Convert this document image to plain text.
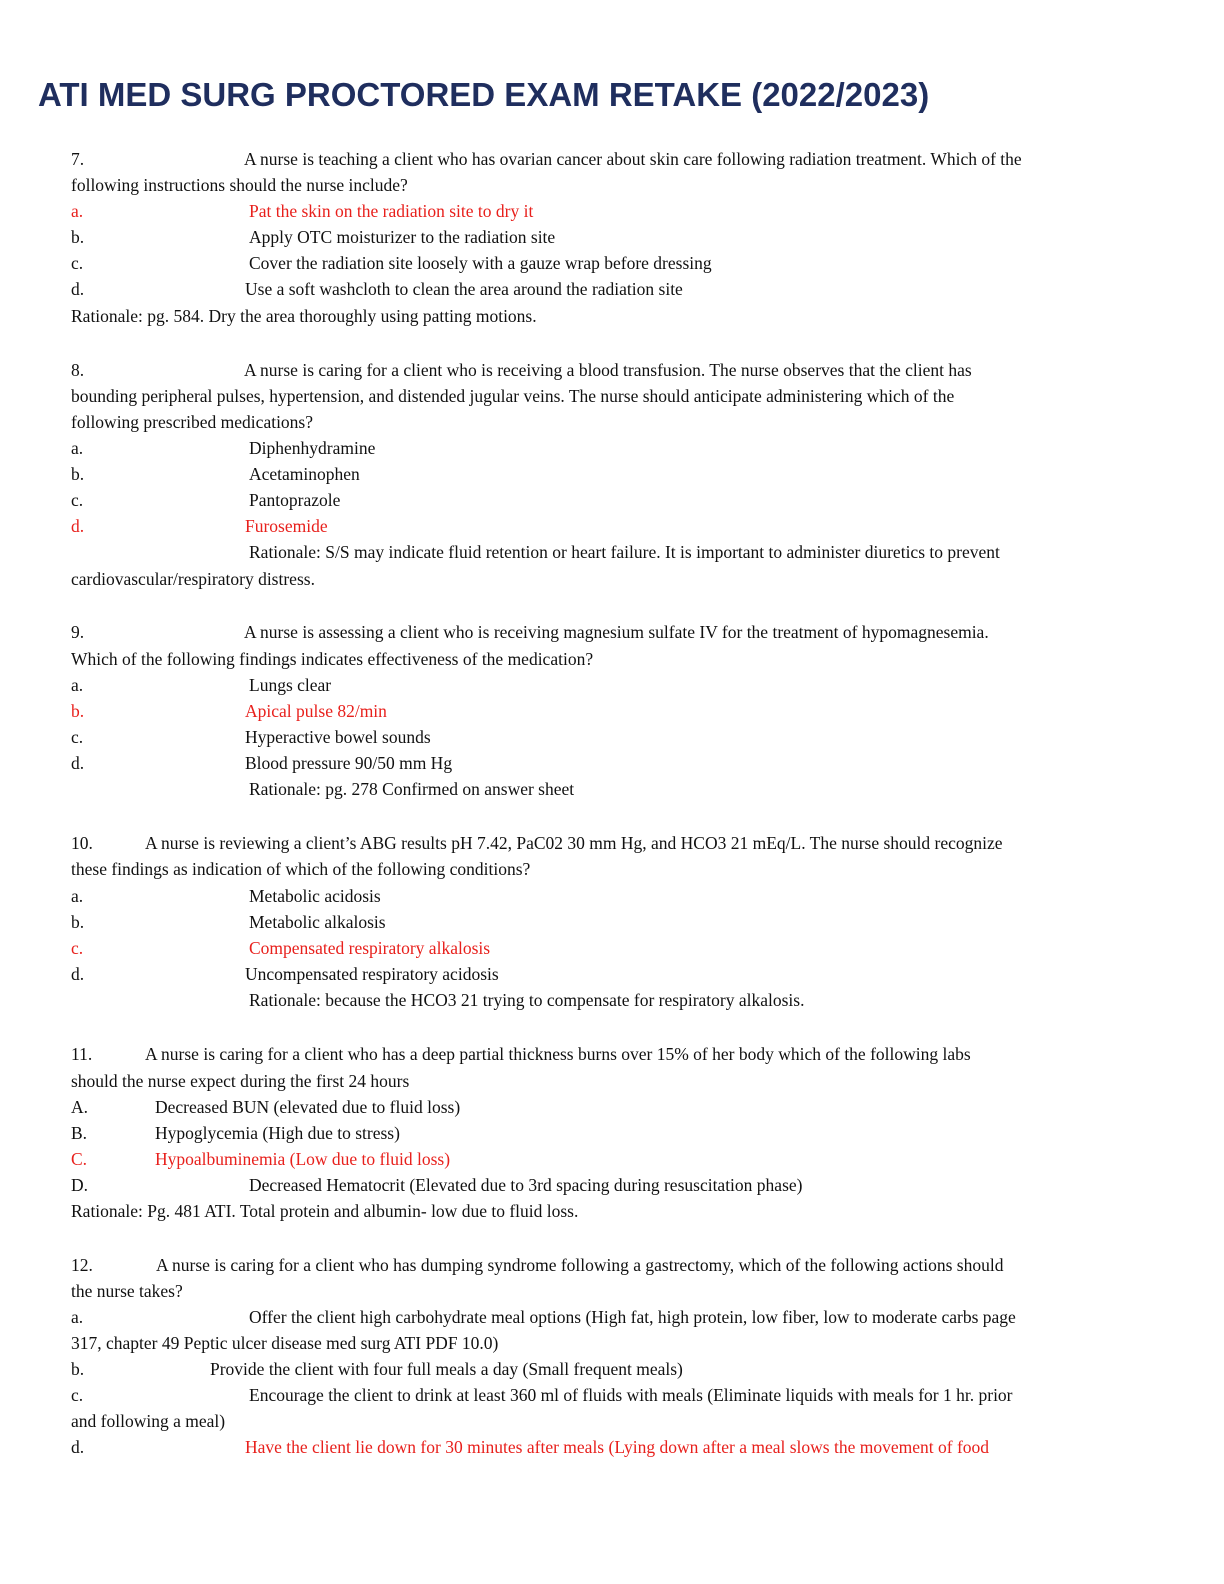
ATI MED SURG PROCTORED EXAM RETAKE (2022/2023)
7.	A nurse is teaching a client who has ovarian cancer about skin care following radiation treatment. Which of the
following instructions should the nurse include?
a.	Pat the skin on the radiation site to dry it
b.	Apply OTC moisturizer to the radiation site
c.	Cover the radiation site loosely with a gauze wrap before dressing
d.	Use a soft washcloth to clean the area around the radiation site
Rationale: pg. 584. Dry the area thoroughly using patting motions.
8.	A nurse is caring for a client who is receiving a blood transfusion. The nurse observes that the client has
bounding peripheral pulses, hypertension, and distended jugular veins. The nurse should anticipate administering which of the
following prescribed medications?
a.	Diphenhydramine
b.	Acetaminophen
c.	Pantoprazole
d.	Furosemide
Rationale: S/S may indicate fluid retention or heart failure. It is important to administer diuretics to prevent
cardiovascular/respiratory distress.
9.	A nurse is assessing a client who is receiving magnesium sulfate IV for the treatment of hypomagnesemia.
Which of the following findings indicates effectiveness of the medication?
a.	Lungs clear
b.	Apical pulse 82/min
c.	Hyperactive bowel sounds
d.	Blood pressure 90/50 mm Hg
Rationale: pg. 278 Confirmed on answer sheet
10.	A nurse is reviewing a client’s ABG results pH 7.42, PaC02 30 mm Hg, and HCO3 21 mEq/L. The nurse should recognize
these findings as indication of which of the following conditions?
a.	Metabolic acidosis
b.	Metabolic alkalosis
c.	Compensated respiratory alkalosis
d.	Uncompensated respiratory acidosis
Rationale: because the HCO3 21 trying to compensate for respiratory alkalosis.
11.	A nurse is caring for a client who has a deep partial thickness burns over 15% of her body which of the following labs
should the nurse expect during the first 24 hours
A.	Decreased BUN (elevated due to fluid loss)
B.	Hypoglycemia (High due to stress)
C.	Hypoalbuminemia (Low due to fluid loss)
D.	Decreased Hematocrit (Elevated due to 3rd spacing during resuscitation phase)
Rationale: Pg. 481 ATI. Total protein and albumin- low due to fluid loss.
12.	A nurse is caring for a client who has dumping syndrome following a gastrectomy, which of the following actions should
the nurse takes?
a.	Offer the client high carbohydrate meal options (High fat, high protein, low fiber, low to moderate carbs page
317, chapter 49 Peptic ulcer disease med surg ATI PDF 10.0)
b.	Provide the client with four full meals a day (Small frequent meals)
c.	Encourage the client to drink at least 360 ml of fluids with meals (Eliminate liquids with meals for 1 hr. prior
and following a meal)
d.	Have the client lie down for 30 minutes after meals (Lying down after a meal slows the movement of food
